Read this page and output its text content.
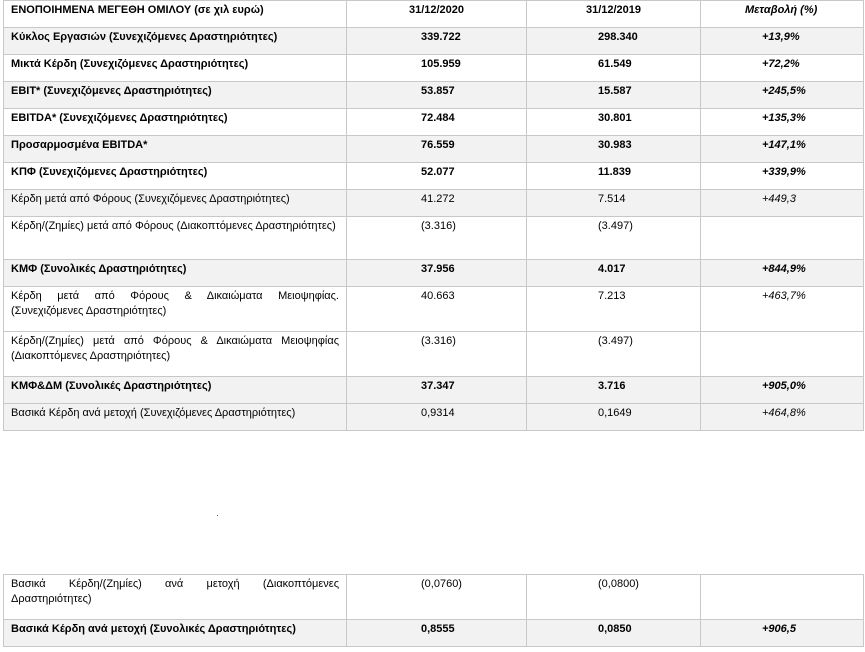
ΕΝΟΠΟΙΗΜΕΝΑ ΜΕΓΕΘΗ ΟΜΙΛΟΥ (σε χιλ ευρώ)	31/12/2020	31/12/2019	Μεταβολή (%)
Κύκλος Εργασιών (Συνεχιζόμενες Δραστηριότητες)	339.722	298.340	+13,9%
Μικτά Κέρδη (Συνεχιζόμενες Δραστηριότητες)	105.959	61.549	+72,2%
EBIT* (Συνεχιζόμενες Δραστηριότητες)	53.857	15.587	+245,5%
EBITDA* (Συνεχιζόμενες Δραστηριότητες)	72.484	30.801	+135,3%
Προσαρμοσμένα EBITDA*	76.559	30.983	+147,1%
ΚΠΦ (Συνεχιζόμενες Δραστηριότητες)	52.077	11.839	+339,9%
Κέρδη μετά από Φόρους (Συνεχιζόμενες Δραστηριότητες)	41.272	7.514	+449,3
Κέρδη/(Ζημίες) μετά από Φόρους (Διακοπτόμενες Δραστηριότητες)	(3.316)	(3.497)	
ΚΜΦ (Συνολικές Δραστηριότητες)	37.956	4.017	+844,9%
Κέρδη μετά από Φόρους & Δικαιώματα Μειοψηφίας. (Συνεχιζόμενες Δραστηριότητες)	40.663	7.213	+463,7%
Κέρδη/(Ζημίες) μετά από Φόρους & Δικαιώματα Μειοψηφίας (Διακοπτόμενες Δραστηριότητες)	(3.316)	(3.497)	
ΚΜΦ&ΔΜ (Συνολικές Δραστηριότητες)	37.347	3.716	+905,0%
Βασικά Κέρδη ανά μετοχή (Συνεχιζόμενες Δραστηριότητες)	0,9314	0,1649	+464,8%
Βασικά Κέρδη/(Ζημίες) ανά μετοχή (Διακοπτόμενες Δραστηριότητες)	(0,0760)	(0,0800)	
Βασικά Κέρδη ανά μετοχή (Συνολικές Δραστηριότητες)	0,8555	0,0850	+906,5
